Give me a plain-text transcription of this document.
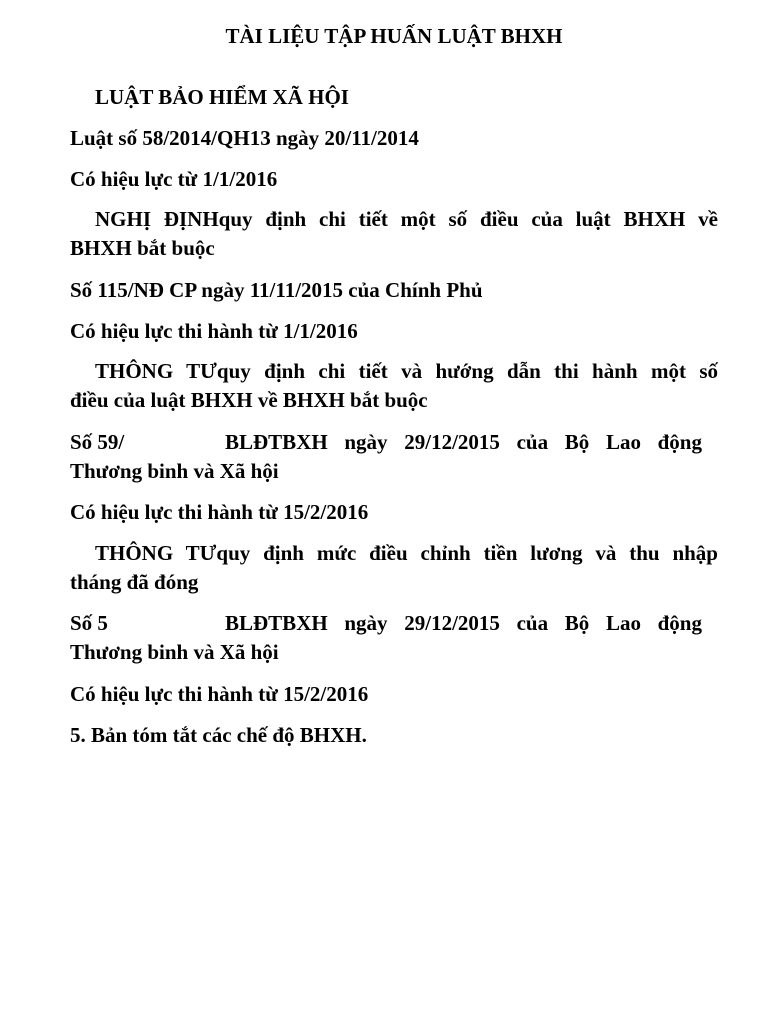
TÀI LIỆU TẬP HUẤN LUẬT BHXH
LUẬT BẢO HIỂM XÃ HỘI
Luật số 58/2014/QH13 ngày 20/11/2014
Có hiệu lực từ 1/1/2016
NGHỊ ĐỊNHquy định chi tiết một số điều của luật BHXH về
BHXH bắt buộc
Số 115/NĐ CP ngày 11/11/2015 của Chính Phủ
Có hiệu lực thi hành từ 1/1/2016
THÔNG TƯquy định chi tiết và hướng dẫn thi hành một số
điều của luật BHXH về BHXH bắt buộc
Số 59/	BLĐTBXH ngày 29/12/2015 của Bộ Lao động
Thương binh và Xã hội
Có hiệu lực thi hành từ 15/2/2016
THÔNG TƯquy định mức điều chỉnh tiền lương và thu nhập
tháng đã đóng
Số 5	BLĐTBXH ngày 29/12/2015 của Bộ Lao động
Thương binh và Xã hội
Có hiệu lực thi hành từ 15/2/2016
5. Bản tóm tắt các chế độ BHXH.
